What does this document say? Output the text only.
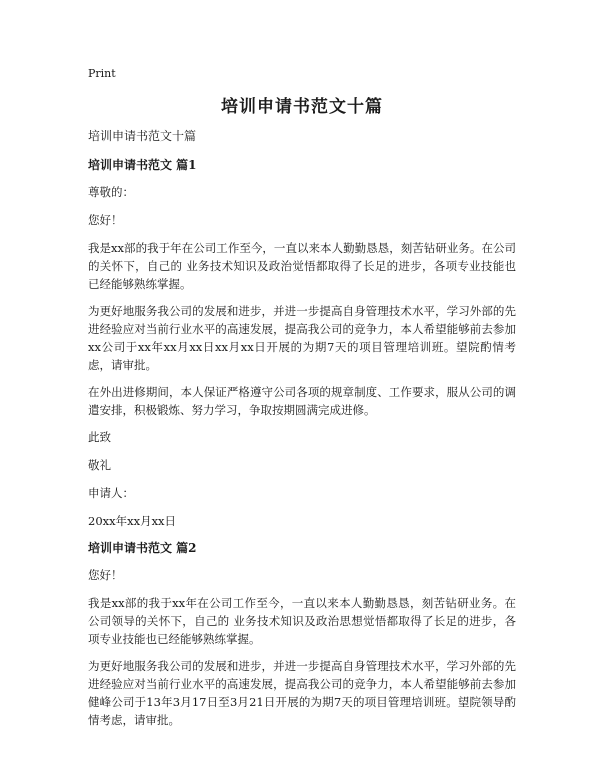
Print
培训申请书范文十篇
培训申请书范文十篇
培训申请书范文 篇1
尊敬的：
您好！

我是xx部的我于年在公司工作至今，一直以来本人勤勤恳恳，刻苦钻研业务。在公司的关怀下，自己的 业务技术知识及政治觉悟都取得了长足的进步，各项专业技能也已经能够熟练掌握。

为更好地服务我公司的发展和进步，并进一步提高自身管理技术水平，学习外部的先进经验应对当前行业水平的高速发展，提高我公司的竞争力，本人希望能够前去参加xx公司于xx年xx月xx日xx月xx日开展的为期7天的项目管理培训班。望院酌情考虑，请审批。

在外出进修期间，本人保证严格遵守公司各项的规章制度、工作要求，服从公司的调遣安排，积极锻炼、努力学习，争取按期圆满完成进修。

此致
敬礼
申请人：
20xx年xx月xx日
培训申请书范文 篇2
您好！

我是xx部的我于xx年在公司工作至今，一直以来本人勤勤恳恳，刻苦钻研业务。在公司领导的关怀下，自己的 业务技术知识及政治思想觉悟都取得了长足的进步，各项专业技能也已经能够熟练掌握。

为更好地服务我公司的发展和进步，并进一步提高自身管理技术水平，学习外部的先进经验应对当前行业水平的高速发展，提高我公司的竞争力，本人希望能够前去参加健峰公司于13年3月17日至3月21日开展的为期7天的项目管理培训班。望院领导酌情考虑，请审批。
